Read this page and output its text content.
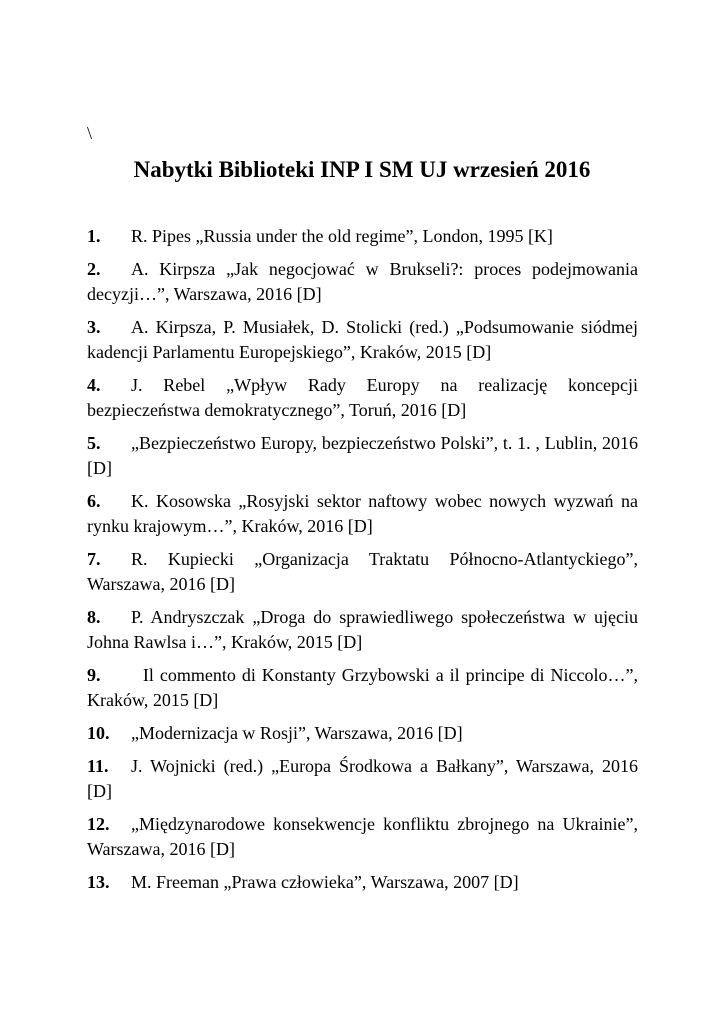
\
Nabytki Biblioteki INP I SM UJ wrzesień 2016

1. R. Pipes „Russia under the old regime”, London, 1995 [K]

2. A. Kirpsza „Jak negocjować w Brukseli?: proces podejmowania decyzji…”, Warszawa, 2016 [D]

3. A. Kirpsza, P. Musiałek, D. Stolicki (red.) „Podsumowanie siódmej kadencji Parlamentu Europejskiego”, Kraków, 2015 [D]

4. J. Rebel „Wpływ Rady Europy na realizację koncepcji bezpieczeństwa demokratycznego”, Toruń, 2016 [D]

5. „Bezpieczeństwo Europy, bezpieczeństwo Polski”, t. 1. , Lublin, 2016 [D]

6. K. Kosowska „Rosyjski sektor naftowy wobec nowych wyzwań na rynku krajowym…”, Kraków, 2016 [D]

7. R. Kupiecki „Organizacja Traktatu Północno-Atlantyckiego”, Warszawa, 2016 [D]

8. P. Andryszczak „Droga do sprawiedliwego społeczeństwa w ujęciu Johna Rawlsa i…”, Kraków, 2015 [D]

9.  Il commento di Konstanty Grzybowski a il principe di Niccolo…”, Kraków, 2015 [D]

10. „Modernizacja w Rosji”, Warszawa, 2016 [D]

11. J. Wojnicki (red.) „Europa Środkowa a Bałkany”, Warszawa, 2016 [D]

12. „Międzynarodowe konsekwencje konfliktu zbrojnego na Ukrainie”, Warszawa, 2016 [D]

13. M. Freeman „Prawa człowieka”, Warszawa, 2007 [D]
